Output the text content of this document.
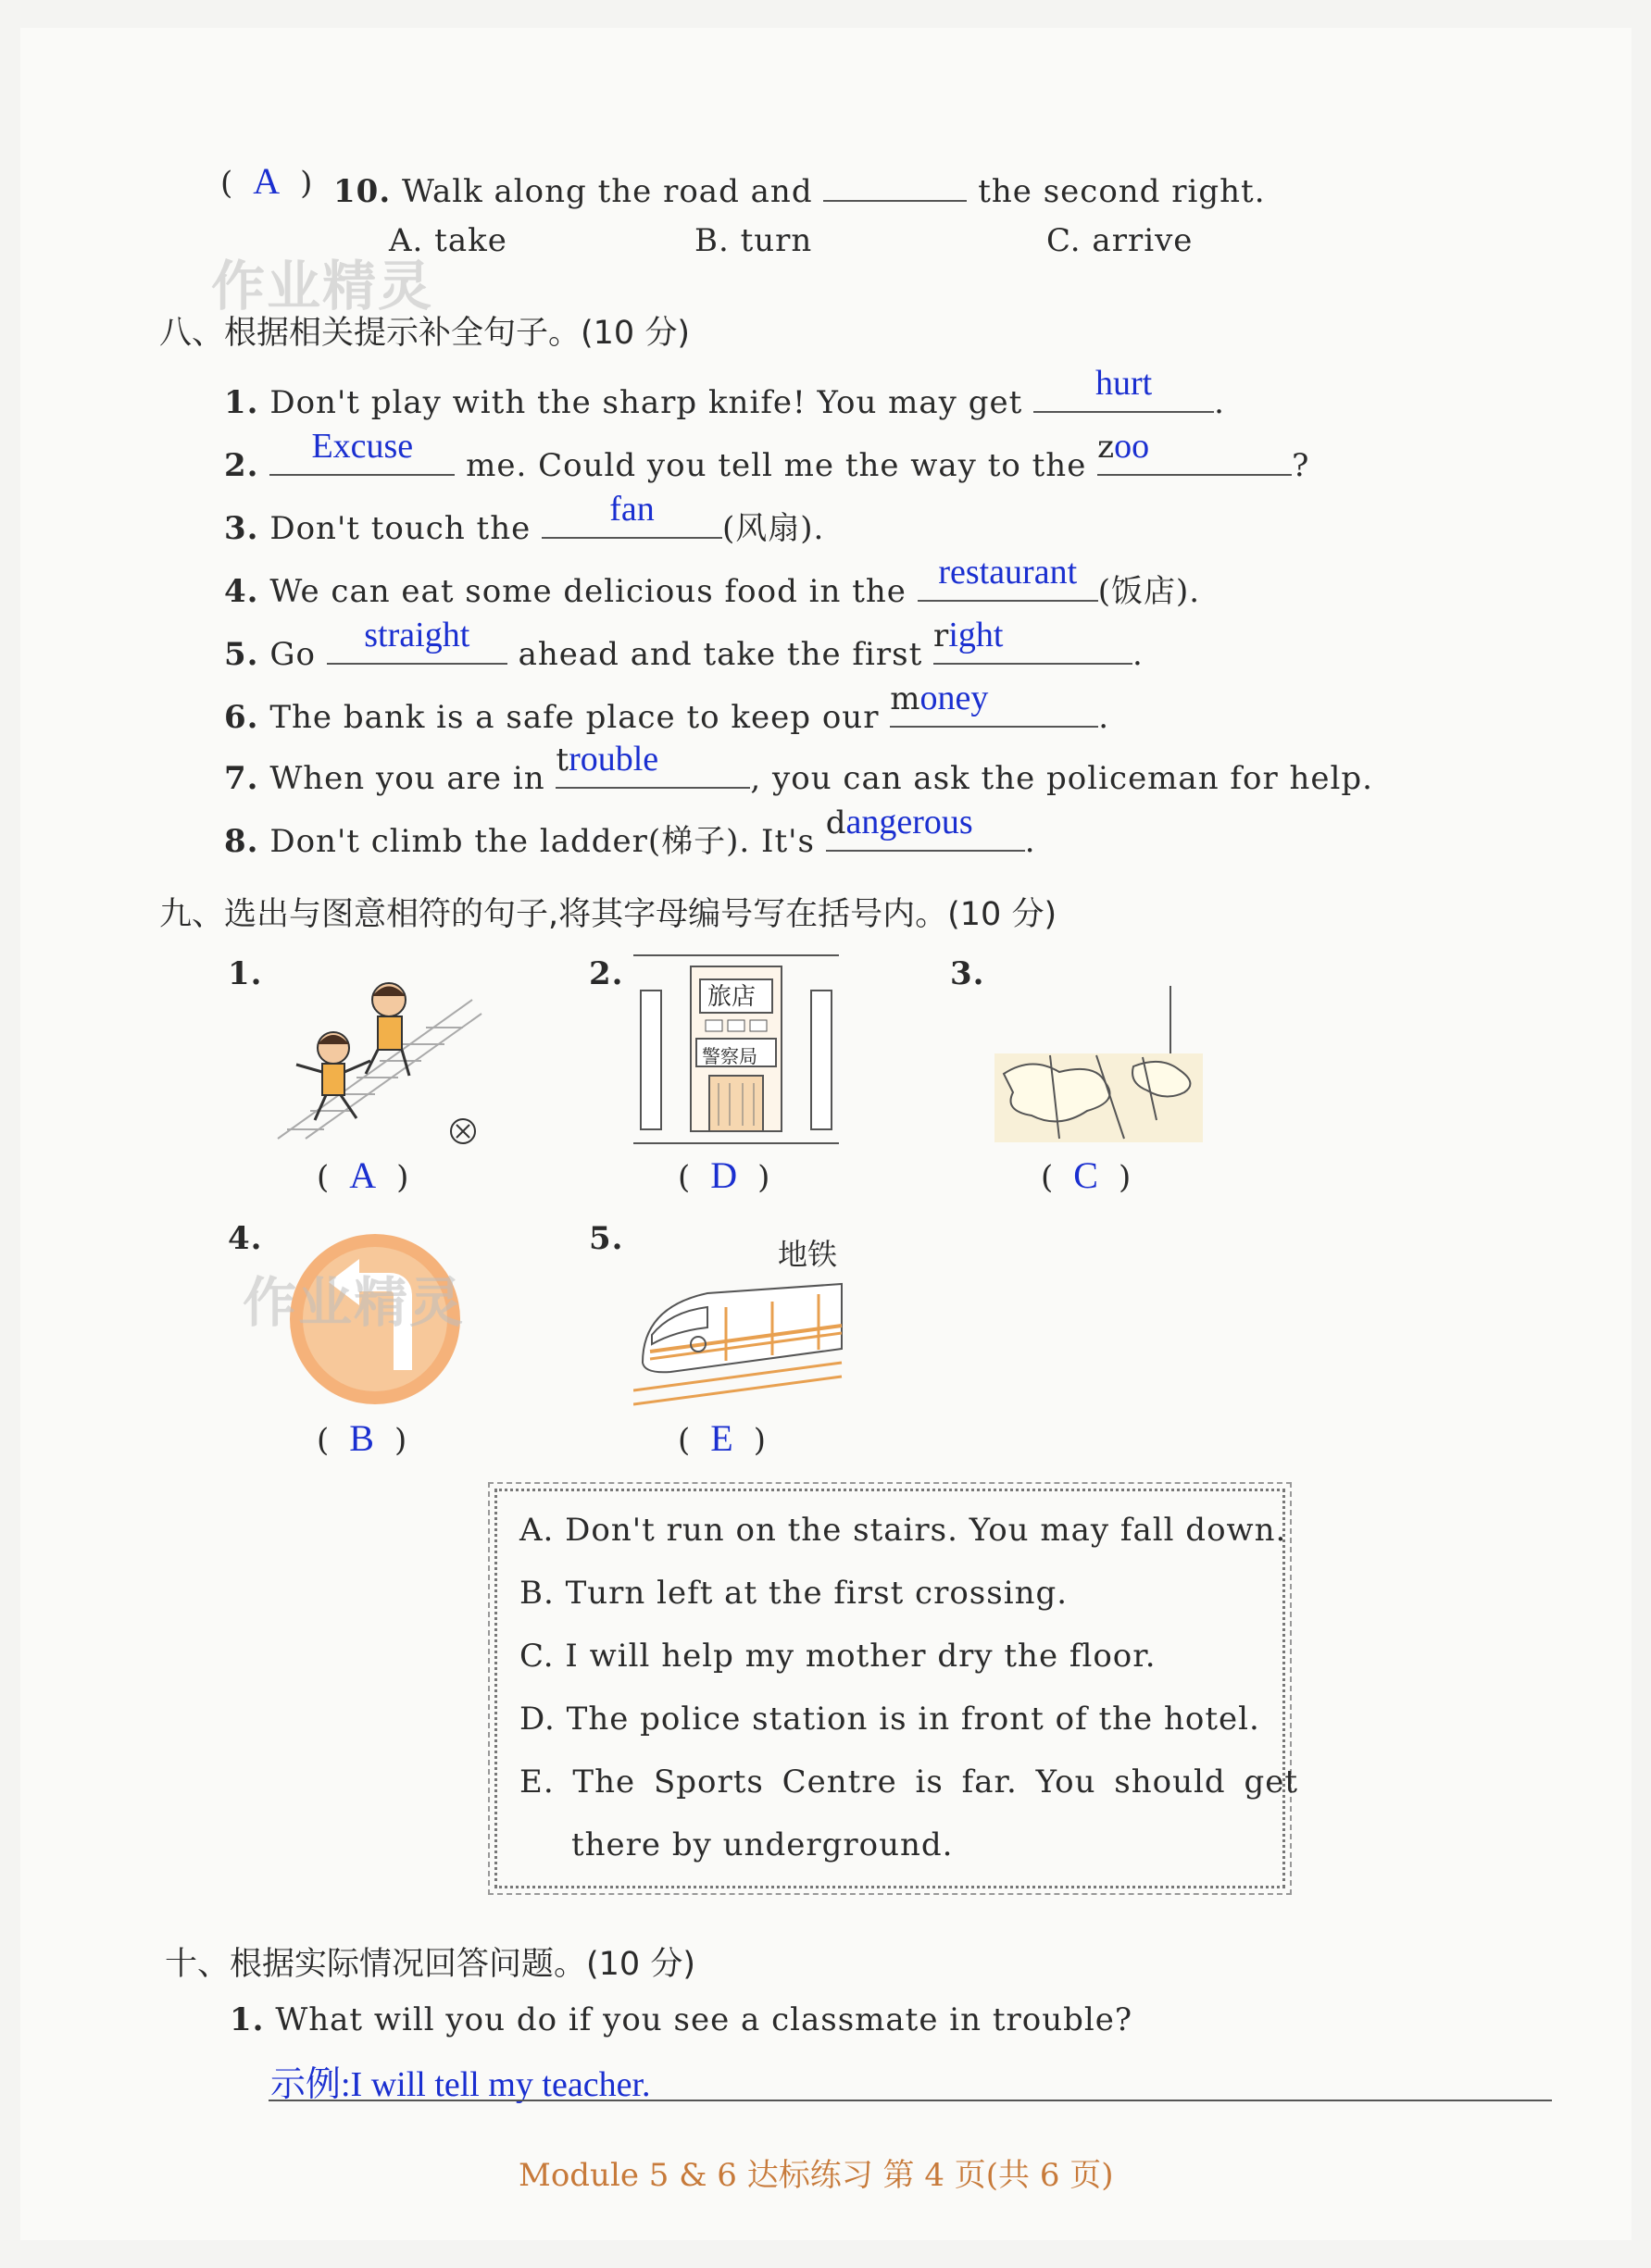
( A ) 10. Walk along the road and	the second right.
A. take	B. turn	C. arrive
作业精灵
八、根据相关提示补全句子。(10 分)
1. Don't play with the sharp knife! You may get	hurt	.
2.	Excuse	me. Could you tell me the way to the zoo	?
3. Don't touch the	fan	(风扇).
4. We can eat some delicious food in the restaurant (饭店).
5. Go	straight	ahead and take the first right	.
6. The bank is a safe place to keep our money	.
7. When you are in trouble	, you can ask the policeman for help.
8. Don't climb the ladder(梯子). It's dangerous	.
九、选出与图意相符的句子,将其字母编号写在括号内。(10 分)
1.
( A )
2.
旅店
警察局
( D )
3.
( C )
4.
作业精灵
( B )
5.	地铁
( E )
A. Don't run on the stairs. You may fall down.
B. Turn left at the first crossing.
C. I will help my mother dry the floor.
D. The police station is in front of the hotel.
E. The Sports Centre is far. You should get
there by underground.
十、根据实际情况回答问题。(10 分)
1. What will you do if you see a classmate in trouble?
示例:I will tell my teacher.
Module 5 & 6 达标练习 第 4 页(共 6 页)
